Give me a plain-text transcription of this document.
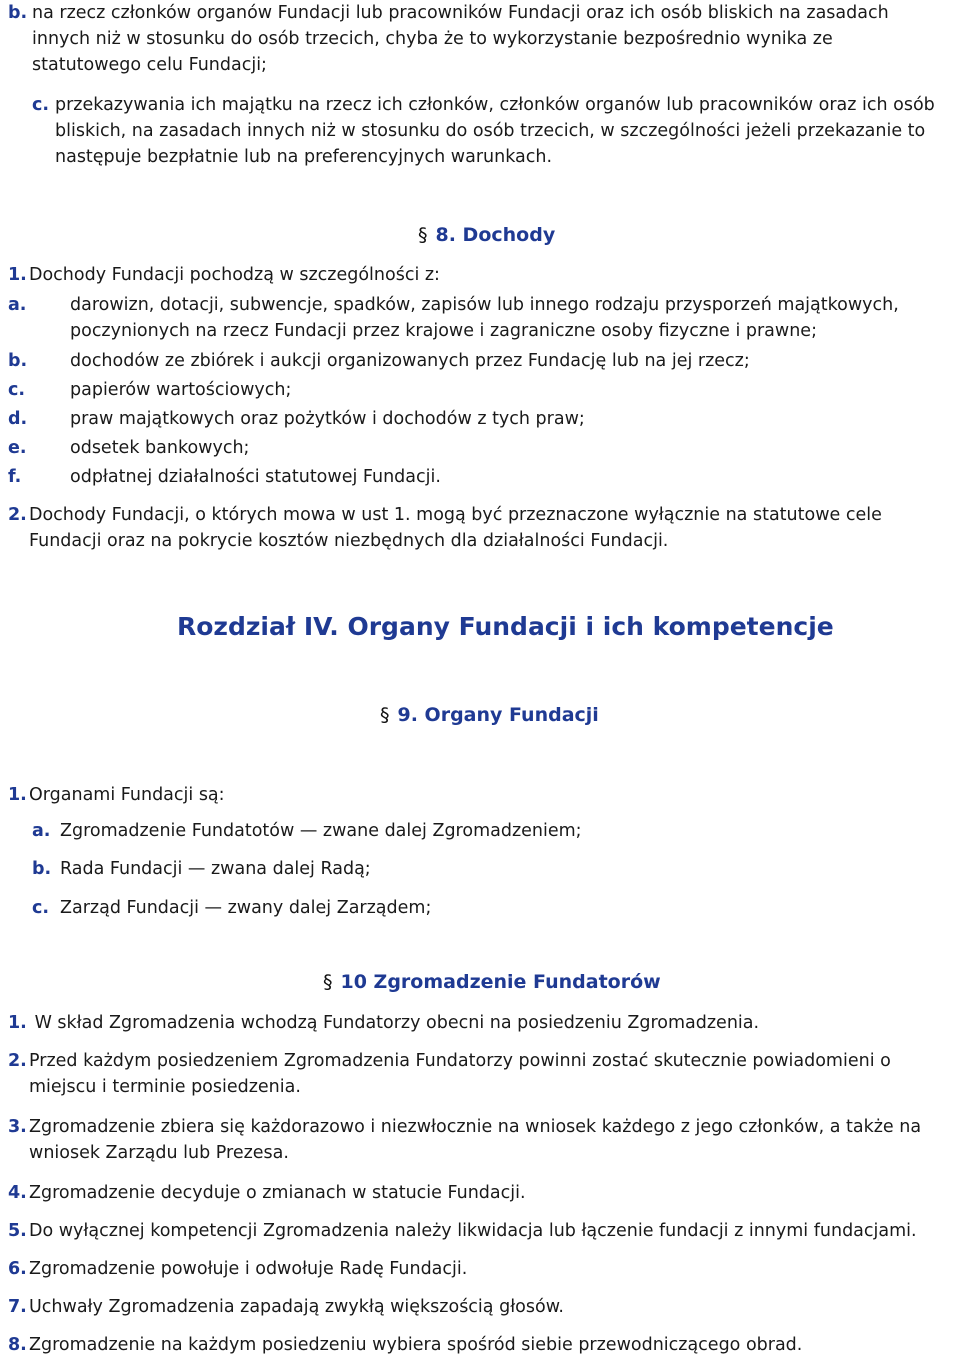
b. na rzecz członków organów Fundacji lub pracowników Fundacji oraz ich osób bliskich na zasadach
innych niż w stosunku do osób trzecich, chyba że to wykorzystanie bezpośrednio wynika ze
statutowego celu Fundacji;
c. przekazywania ich majątku na rzecz ich członków, członków organów lub pracowników oraz ich osób
bliskich, na zasadach innych niż w stosunku do osób trzecich, w szczególności jeżeli przekazanie to
następuje bezpłatnie lub na preferencyjnych warunkach.
§ 8. Dochody
1. Dochody Fundacji pochodzą w szczególności z:
a. darowizn, dotacji, subwencje, spadków, zapisów lub innego rodzaju przysporzeń majątkowych,
poczynionych na rzecz Fundacji przez krajowe i zagraniczne osoby fizyczne i prawne;
b. dochodów ze zbiórek i aukcji organizowanych przez Fundację lub na jej rzecz;
c.	papierów wartościowych;
d. praw majątkowych oraz pożytków i dochodów z tych praw;
e. odsetek bankowych;
f.	odpłatnej działalności statutowej Fundacji.
2. Dochody Fundacji, o których mowa w ust 1. mogą być przeznaczone wyłącznie na statutowe cele
Fundacji oraz na pokrycie kosztów niezbędnych dla działalności Fundacji.
Rozdział IV. Organy Fundacji i ich kompetencje
§ 9. Organy Fundacji
1. Organami Fundacji są:
a. Zgromadzenie Fundatotów — zwane dalej Zgromadzeniem;
b. Rada Fundacji — zwana dalej Radą;
c. Zarząd Fundacji — zwany dalej Zarządem;
§ 10 Zgromadzenie Fundatorów
1. W skład Zgromadzenia wchodzą Fundatorzy obecni na posiedzeniu Zgromadzenia.
2. Przed każdym posiedzeniem Zgromadzenia Fundatorzy powinni zostać skutecznie powiadomieni o
miejscu i terminie posiedzenia.
3. Zgromadzenie zbiera się każdorazowo i niezwłocznie na wniosek każdego z jego członków, a także na
wniosek Zarządu lub Prezesa.
4. Zgromadzenie decyduje o zmianach w statucie Fundacji.
5. Do wyłącznej kompetencji Zgromadzenia należy likwidacja lub łączenie fundacji z innymi fundacjami.
6. Zgromadzenie powołuje i odwołuje Radę Fundacji.
7. Uchwały Zgromadzenia zapadają zwykłą większością głosów.
8. Zgromadzenie na każdym posiedzeniu wybiera spośród siebie przewodniczącego obrad.
